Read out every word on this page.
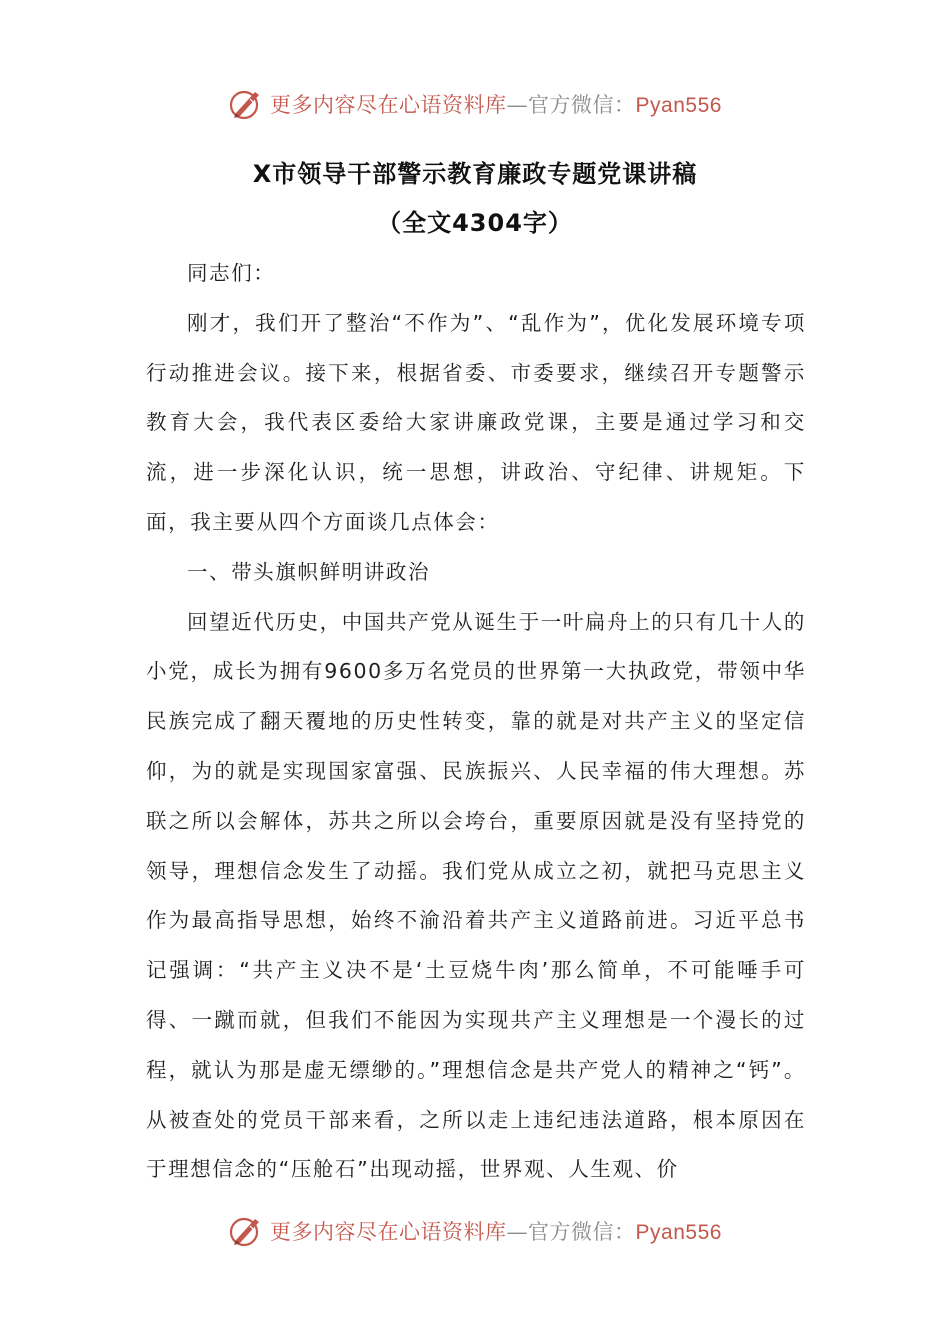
更多内容尽在心语资料库—官方微信：Pyan556
X市领导干部警示教育廉政专题党课讲稿
（全文4304字）

同志们：

刚才，我们开了整治“不作为”、“乱作为”，优化发展环境专项行动推进会议。接下来，根据省委、市委要求，继续召开专题警示教育大会，我代表区委给大家讲廉政党课，主要是通过学习和交流，进一步深化认识，统一思想，讲政治、守纪律、讲规矩。下面，我主要从四个方面谈几点体会：

一、带头旗帜鲜明讲政治

回望近代历史，中国共产党从诞生于一叶扁舟上的只有几十人的小党，成长为拥有9600多万名党员的世界第一大执政党，带领中华民族完成了翻天覆地的历史性转变，靠的就是对共产主义的坚定信仰，为的就是实现国家富强、民族振兴、人民幸福的伟大理想。苏联之所以会解体，苏共之所以会垮台，重要原因就是没有坚持党的领导，理想信念发生了动摇。我们党从成立之初，就把马克思主义作为最高指导思想，始终不渝沿着共产主义道路前进。习近平总书记强调：“共产主义决不是‘土豆烧牛肉’那么简单，不可能唾手可得、一蹴而就，但我们不能因为实现共产主义理想是一个漫长的过程，就认为那是虚无缥缈的。”理想信念是共产党人的精神之“钙”。从被查处的党员干部来看，之所以走上违纪违法道路，根本原因在于理想信念的“压舱石”出现动摇，世界观、人生观、价

更多内容尽在心语资料库—官方微信：Pyan556
